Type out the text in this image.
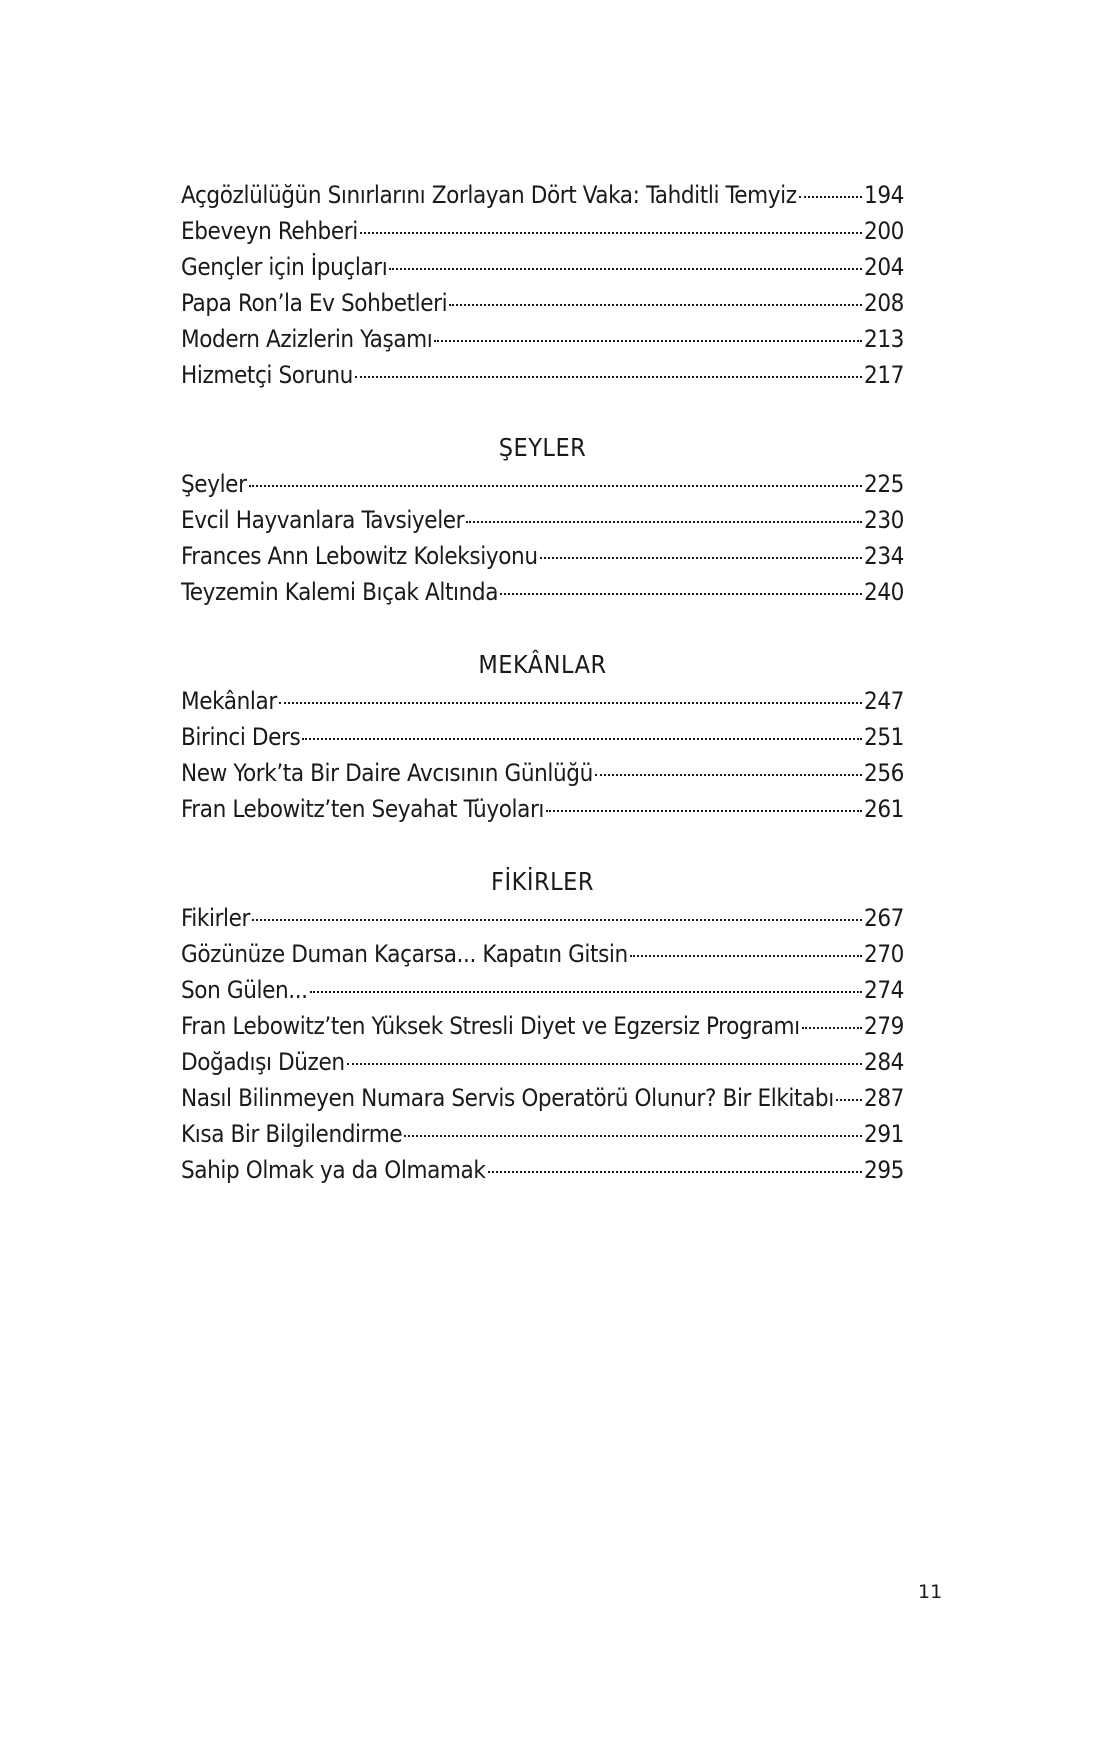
Açgözlülüğün Sınırlarını Zorlayan Dört Vaka: Tahditli Temyiz	194
Ebeveyn Rehberi	200
Gençler için İpuçları	204
Papa Ron’la Ev Sohbetleri	208
Modern Azizlerin Yaşamı	213
Hizmetçi Sorunu	217
ŞEYLER
Şeyler	225
Evcil Hayvanlara Tavsiyeler	230
Frances Ann Lebowitz Koleksiyonu	234
Teyzemin Kalemi Bıçak Altında	240
MEKÂNLAR
Mekânlar	247
Birinci Ders	251
New York’ta Bir Daire Avcısının Günlüğü	256
Fran Lebowitz’ten Seyahat Tüyoları	261
FİKİRLER
Fikirler	267
Gözünüze Duman Kaçarsa... Kapatın Gitsin	270
Son Gülen...	274
Fran Lebowitz’ten Yüksek Stresli Diyet ve Egzersiz Programı	279
Doğadışı Düzen	284
Nasıl Bilinmeyen Numara Servis Operatörü Olunur? Bir Elkitabı 287
Kısa Bir Bilgilendirme	291
Sahip Olmak ya da Olmamak	295
11
